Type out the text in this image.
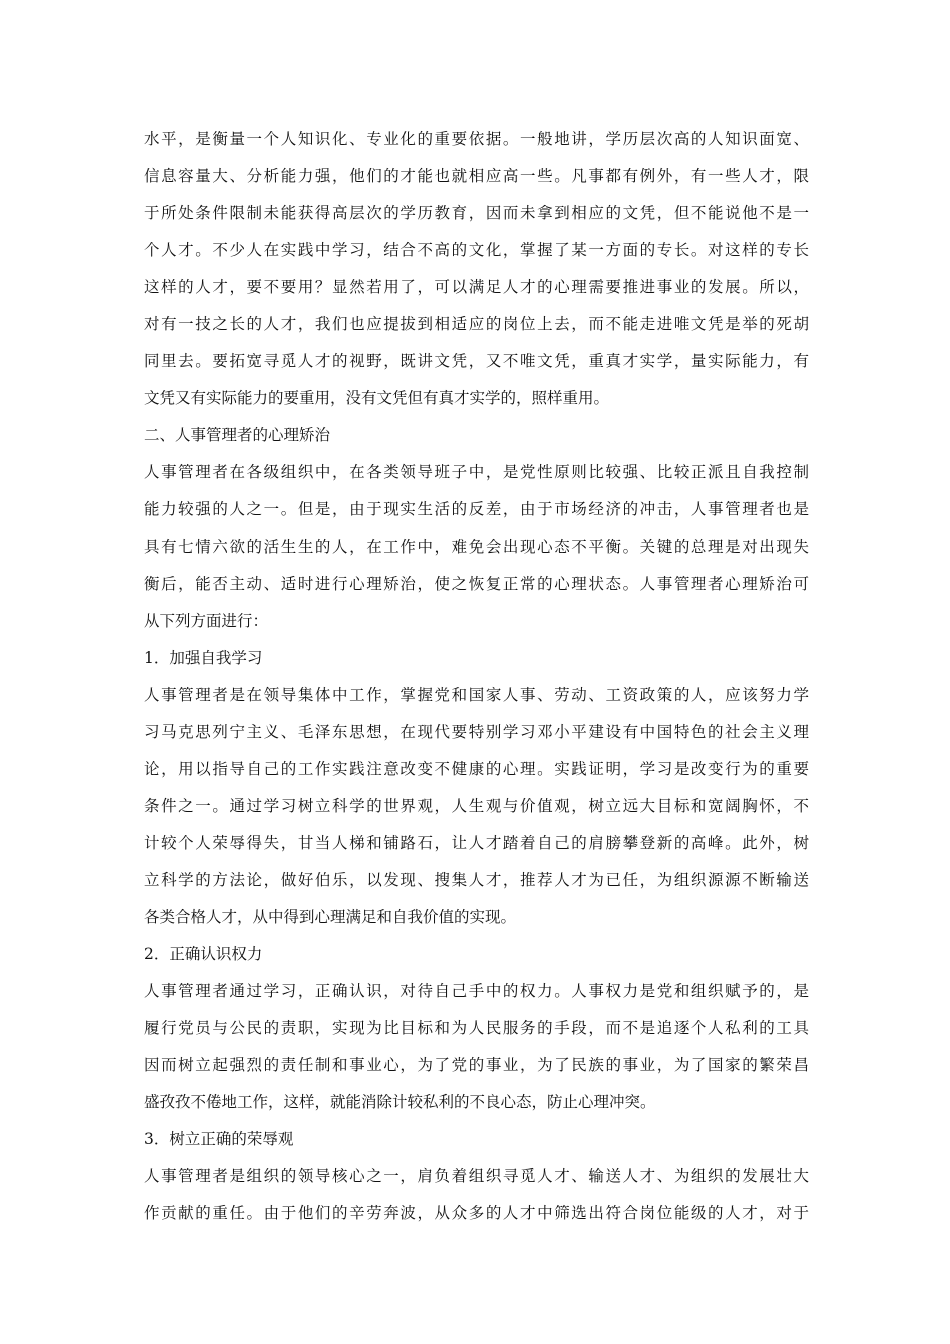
水平，是衡量一个人知识化、专业化的重要依据。一般地讲，学历层次高的人知识面宽、
信息容量大、分析能力强，他们的才能也就相应高一些。凡事都有例外，有一些人才，限
于所处条件限制未能获得高层次的学历教育，因而未拿到相应的文凭，但不能说他不是一
个人才。不少人在实践中学习，结合不高的文化，掌握了某一方面的专长。对这样的专长
这样的人才，要不要用？显然若用了，可以满足人才的心理需要推进事业的发展。所以，
对有一技之长的人才，我们也应提拔到相适应的岗位上去，而不能走进唯文凭是举的死胡
同里去。要拓宽寻觅人才的视野，既讲文凭，又不唯文凭，重真才实学，量实际能力，有
文凭又有实际能力的要重用，没有文凭但有真才实学的，照样重用。
二、人事管理者的心理矫治
人事管理者在各级组织中，在各类领导班子中，是党性原则比较强、比较正派且自我控制
能力较强的人之一。但是，由于现实生活的反差，由于市场经济的冲击，人事管理者也是
具有七情六欲的活生生的人，在工作中，难免会出现心态不平衡。关键的总理是对出现失
衡后，能否主动、适时进行心理矫治，使之恢复正常的心理状态。人事管理者心理矫治可
从下列方面进行：
1．加强自我学习
人事管理者是在领导集体中工作，掌握党和国家人事、劳动、工资政策的人，应该努力学
习马克思列宁主义、毛泽东思想，在现代要特别学习邓小平建设有中国特色的社会主义理
论，用以指导自己的工作实践注意改变不健康的心理。实践证明，学习是改变行为的重要
条件之一。通过学习树立科学的世界观，人生观与价值观，树立远大目标和宽阔胸怀，不
计较个人荣辱得失，甘当人梯和铺路石，让人才踏着自己的肩膀攀登新的高峰。此外，树
立科学的方法论，做好伯乐，以发现、搜集人才，推荐人才为已任，为组织源源不断输送
各类合格人才，从中得到心理满足和自我价值的实现。
2．正确认识权力
人事管理者通过学习，正确认识，对待自己手中的权力。人事权力是党和组织赋予的，是
履行党员与公民的责职，实现为比目标和为人民服务的手段，而不是追逐个人私利的工具
因而树立起强烈的责任制和事业心，为了党的事业，为了民族的事业，为了国家的繁荣昌
盛孜孜不倦地工作，这样，就能消除计较私利的不良心态，防止心理冲突。
3．树立正确的荣辱观
人事管理者是组织的领导核心之一，肩负着组织寻觅人才、输送人才、为组织的发展壮大
作贡献的重任。由于他们的辛劳奔波，从众多的人才中筛选出符合岗位能级的人才，对于
